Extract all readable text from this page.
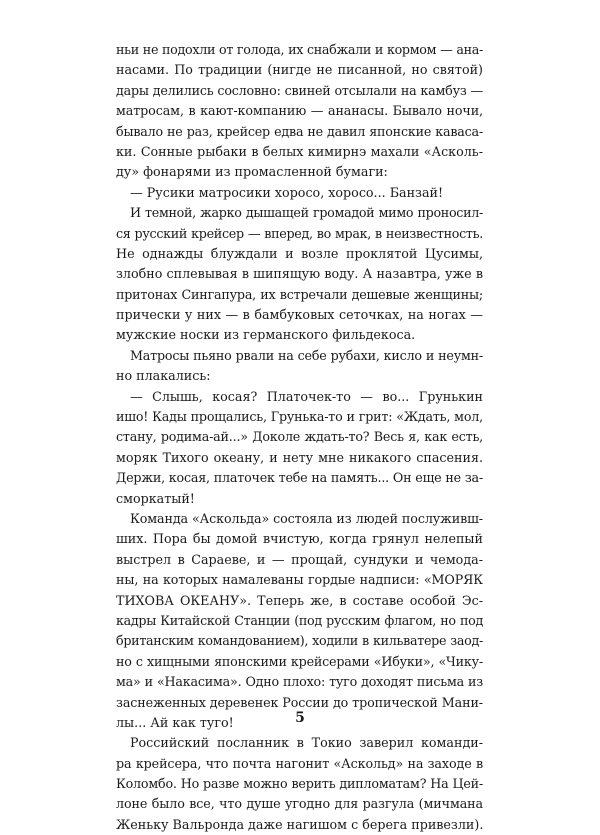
ньи не подохли от голода, их снабжали и кормом — ана-
насами. По традиции (нигде не писанной, но святой)
дары делились сословно: свиней отсылали на камбуз —
матросам, в кают-компанию — ананасы. Бывало ночи,
бывало не раз, крейсер едва не давил японские каваса-
ки. Сонные рыбаки в белых кимирнэ махали «Асколь-
ду» фонарями из промасленной бумаги:
— Русики матросики хоросо, хоросо... Банзай!
И темной, жарко дышащей громадой мимо проносил-
ся русский крейсер — вперед, во мрак, в неизвестность.
Не однажды блуждали и возле проклятой Цусимы,
злобно сплевывая в шипящую воду. А назавтра, уже в
притонах Сингапура, их встречали дешевые женщины;
прически у них — в бамбуковых сеточках, на ногах —
мужские носки из германского фильдекоса.
Матросы пьяно рвали на себе рубахи, кисло и неумн-
но плакались:
— Слышь, косая? Платочек-то — во... Грунькин
ишо! Кады прощались, Грунька-то и грит: «Ждать, мол,
стану, родима-ай...» Доколе ждать-то? Весь я, как есть,
моряк Тихого океану, и нету мне никакого спасения.
Держи, косая, платочек тебе на память... Он еще не за-
сморкатый!
Команда «Аскольда» состояла из людей послуживш-
ших. Пора бы домой вчистую, когда грянул нелепый
выстрел в Сараеве, и — прощай, сундуки и чемода-
ны, на которых намалеваны гордые надписи: «МОРЯК
ТИХОВА ОКЕАНУ». Теперь же, в составе особой Эс-
кадры Китайской Станции (под русским флагом, но под
британским командованием), ходили в кильватере заод-
но с хищными японскими крейсерами «Ибуки», «Чику-
ма» и «Накасима». Одно плохо: туго доходят письма из
заснеженных деревенек России до тропической Мани-
лы... Ай как туго!
Российский посланник в Токио заверил команди-
ра крейсера, что почта нагонит «Аскольд» на заходе в
Коломбо. Но разве можно верить дипломатам? На Цей-
лоне было все, что душе угодно для разгула (мичмана
Женьку Вальронда даже нагишом с берега привезли).
5
